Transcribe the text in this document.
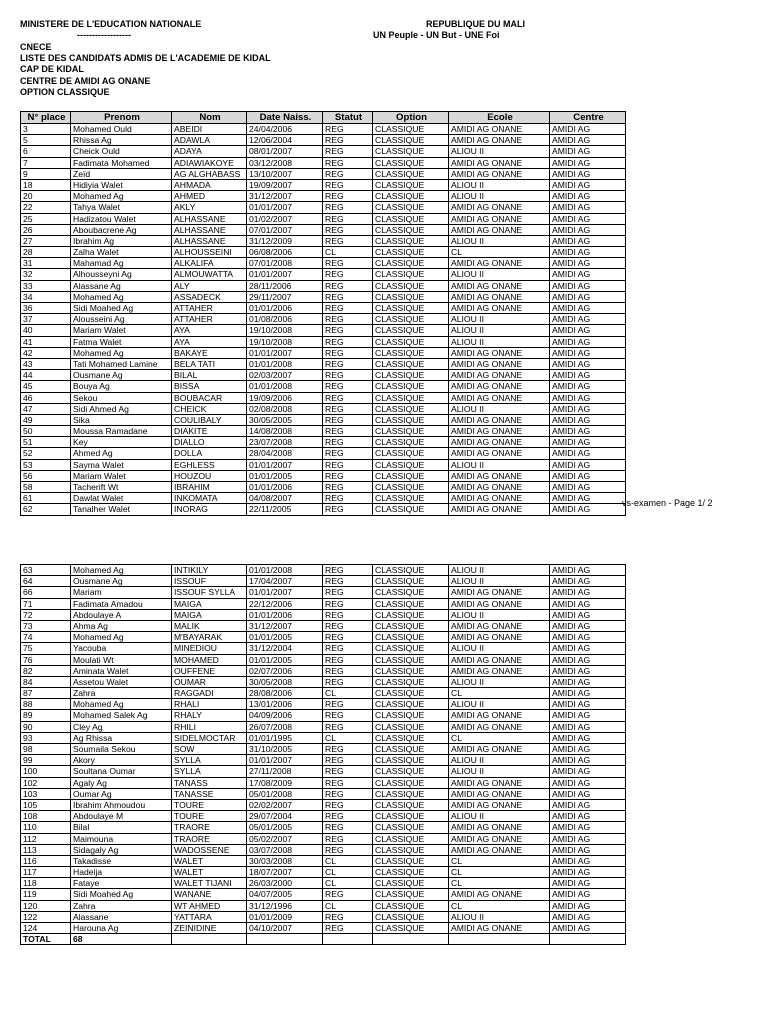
MINISTERE DE L'EDUCATION NATIONALE
------------------
REPUBLIQUE DU MALI
UN Peuple - UN But - UNE Foi
CNECE
LISTE DES CANDIDATS ADMIS DE L'ACADEMIE DE KIDAL
CAP DE KIDAL
CENTRE DE AMIDI AG ONANE
OPTION CLASSIQUE
N° place	Prenom	Nom	Date Naiss.	Statut	Option	Ecole	Centre
3	Mohamed Ould	ABEIDI	24/04/2006	REG	CLASSIQUE	AMIDI AG ONANE	AMIDI AG
5	Rhissa Ag	ADAWLA	12/06/2004	REG	CLASSIQUE	AMIDI AG ONANE	AMIDI AG
6	Cheick Ould	ADAYA	08/01/2007	REG	CLASSIQUE	ALIOU II	AMIDI AG
7	Fadimata Mohamed	ADIAWIAKOYE	03/12/2008	REG	CLASSIQUE	AMIDI AG ONANE	AMIDI AG
9	Zeïd	AG ALGHABASS	13/10/2007	REG	CLASSIQUE	AMIDI AG ONANE	AMIDI AG
18	Hidiyia Walet	AHMADA	19/09/2007	REG	CLASSIQUE	ALIOU II	AMIDI AG
20	Mohamed Ag	AHMED	31/12/2007	REG	CLASSIQUE	ALIOU II	AMIDI AG
22	Tahya Walet	AKLY	01/01/2007	REG	CLASSIQUE	AMIDI AG ONANE	AMIDI AG
25	Hadizatou Walet	ALHASSANE	01/02/2007	REG	CLASSIQUE	AMIDI AG ONANE	AMIDI AG
26	Aboubacrene Ag	ALHASSANE	07/01/2007	REG	CLASSIQUE	AMIDI AG ONANE	AMIDI AG
27	Ibrahim Ag	ALHASSANE	31/12/2009	REG	CLASSIQUE	ALIOU II	AMIDI AG
28	Zalha Walet	ALHOUSSEINI	06/08/2006	CL	CLASSIQUE	CL	AMIDI AG
31	Mahamad Ag	ALKALIFA	07/01/2008	REG	CLASSIQUE	AMIDI AG ONANE	AMIDI AG
32	Alhousseyni Ag	ALMOUWATTA	01/01/2007	REG	CLASSIQUE	ALIOU II	AMIDI AG
33	Alassane Ag	ALY	28/11/2006	REG	CLASSIQUE	AMIDI AG ONANE	AMIDI AG
34	Mohamed Ag	ASSADECK	29/11/2007	REG	CLASSIQUE	AMIDI AG ONANE	AMIDI AG
36	Sidi Moahed Ag	ATTAHER	01/01/2006	REG	CLASSIQUE	AMIDI AG ONANE	AMIDI AG
37	Alousseini Ag	ATTAHER	01/08/2006	REG	CLASSIQUE	ALIOU II	AMIDI AG
40	Mariam Walet	AYA	19/10/2008	REG	CLASSIQUE	ALIOU II	AMIDI AG
41	Fatma Walet	AYA	19/10/2008	REG	CLASSIQUE	ALIOU II	AMIDI AG
42	Mohamed Ag	BAKAYE	01/01/2007	REG	CLASSIQUE	AMIDI AG ONANE	AMIDI AG
43	Tati Mohamed Lamine	BELA TATI	01/01/2008	REG	CLASSIQUE	AMIDI AG ONANE	AMIDI AG
44	Ousmane Ag	BILAL	02/03/2007	REG	CLASSIQUE	AMIDI AG ONANE	AMIDI AG
45	Bouya Ag	BISSA	01/01/2008	REG	CLASSIQUE	AMIDI AG ONANE	AMIDI AG
46	Sekou	BOUBACAR	19/09/2006	REG	CLASSIQUE	AMIDI AG ONANE	AMIDI AG
47	Sidi Ahmed Ag	CHEICK	02/08/2008	REG	CLASSIQUE	ALIOU II	AMIDI AG
49	Sika	COULIBALY	30/05/2005	REG	CLASSIQUE	AMIDI AG ONANE	AMIDI AG
50	Moussa Ramadane	DIAKITE	14/08/2008	REG	CLASSIQUE	AMIDI AG ONANE	AMIDI AG
51	Key	DIALLO	23/07/2008	REG	CLASSIQUE	AMIDI AG ONANE	AMIDI AG
52	Ahmed Ag	DOLLA	28/04/2008	REG	CLASSIQUE	AMIDI AG ONANE	AMIDI AG
53	Sayma Walet	EGHLESS	01/01/2007	REG	CLASSIQUE	ALIOU II	AMIDI AG
56	Mariam Walet	HOUZOU	01/01/2005	REG	CLASSIQUE	AMIDI AG ONANE	AMIDI AG
58	Tacherift Wt	IBRAHIM	01/01/2006	REG	CLASSIQUE	AMIDI AG ONANE	AMIDI AG
61	Dawlat Walet	INKOMATA	04/08/2007	REG	CLASSIQUE	AMIDI AG ONANE	AMIDI AG
62	Tanalher Walet	INORAG	22/11/2005	REG	CLASSIQUE	AMIDI AG ONANE	AMIDI AG
vs-examen - Page 1/ 2
63	Mohamed Ag	INTIKILY	01/01/2008	REG	CLASSIQUE	ALIOU II	AMIDI AG
64	Ousmane Ag	ISSOUF	17/04/2007	REG	CLASSIQUE	ALIOU II	AMIDI AG
66	Mariam	ISSOUF SYLLA	01/01/2007	REG	CLASSIQUE	AMIDI AG ONANE	AMIDI AG
71	Fadimata Amadou	MAIGA	22/12/2006	REG	CLASSIQUE	AMIDI AG ONANE	AMIDI AG
72	Abdoulaye A	MAIGA	01/01/2006	REG	CLASSIQUE	ALIOU II	AMIDI AG
73	Ahma Ag	MALIK	31/12/2007	REG	CLASSIQUE	AMIDI AG ONANE	AMIDI AG
74	Mohamed Ag	M'BAYARAK	01/01/2005	REG	CLASSIQUE	AMIDI AG ONANE	AMIDI AG
75	Yacouba	MINEDIOU	31/12/2004	REG	CLASSIQUE	ALIOU II	AMIDI AG
76	Moulati Wt	MOHAMED	01/01/2005	REG	CLASSIQUE	AMIDI AG ONANE	AMIDI AG
82	Aminata Walet	OUFFENE	02/07/2006	REG	CLASSIQUE	AMIDI AG ONANE	AMIDI AG
84	Assetou Walet	OUMAR	30/05/2008	REG	CLASSIQUE	ALIOU II	AMIDI AG
87	Zahra	RAGGADI	28/08/2006	CL	CLASSIQUE	CL	AMIDI AG
88	Mohamed Ag	RHALI	13/01/2006	REG	CLASSIQUE	ALIOU II	AMIDI AG
89	Mohamed Salek Ag	RHALY	04/09/2006	REG	CLASSIQUE	AMIDI AG ONANE	AMIDI AG
90	Cley Ag	RHILI	26/07/2008	REG	CLASSIQUE	AMIDI AG ONANE	AMIDI AG
93	Ag Rhissa	SIDELMOCTAR	01/01/1995	CL	CLASSIQUE	CL	AMIDI AG
98	Soumaila Sekou	SOW	31/10/2005	REG	CLASSIQUE	AMIDI AG ONANE	AMIDI AG
99	Akory	SYLLA	01/01/2007	REG	CLASSIQUE	ALIOU II	AMIDI AG
100	Soultana Oumar	SYLLA	27/11/2008	REG	CLASSIQUE	ALIOU II	AMIDI AG
102	Agaly Ag	TANASS	17/08/2009	REG	CLASSIQUE	AMIDI AG ONANE	AMIDI AG
103	Oumar Ag	TANASSE	05/01/2008	REG	CLASSIQUE	AMIDI AG ONANE	AMIDI AG
105	Ibrahim Ahmoudou	TOURE	02/02/2007	REG	CLASSIQUE	AMIDI AG ONANE	AMIDI AG
108	Abdoulaye M	TOURE	29/07/2004	REG	CLASSIQUE	ALIOU II	AMIDI AG
110	Bilal	TRAORE	05/01/2005	REG	CLASSIQUE	AMIDI AG ONANE	AMIDI AG
112	Maimouna	TRAORE	05/02/2007	REG	CLASSIQUE	AMIDI AG ONANE	AMIDI AG
113	Sidagaly Ag	WADOSSENE	03/07/2008	REG	CLASSIQUE	AMIDI AG ONANE	AMIDI AG
116	Takadisse	WALET	30/03/2008	CL	CLASSIQUE	CL	AMIDI AG
117	Hadeija	WALET	18/07/2007	CL	CLASSIQUE	CL	AMIDI AG
118	Fataye	WALET TIJANI	26/03/2000	CL	CLASSIQUE	CL	AMIDI AG
119	Sidi Moahed Ag	WANANE	04/07/2005	REG	CLASSIQUE	AMIDI AG ONANE	AMIDI AG
120	Zahra	WT AHMED	31/12/1996	CL	CLASSIQUE	CL	AMIDI AG
122	Alassane	YATTARA	01/01/2009	REG	CLASSIQUE	ALIOU II	AMIDI AG
124	Harouna Ag	ZEINIDINE	04/10/2007	REG	CLASSIQUE	AMIDI AG ONANE	AMIDI AG
TOTAL	68						
